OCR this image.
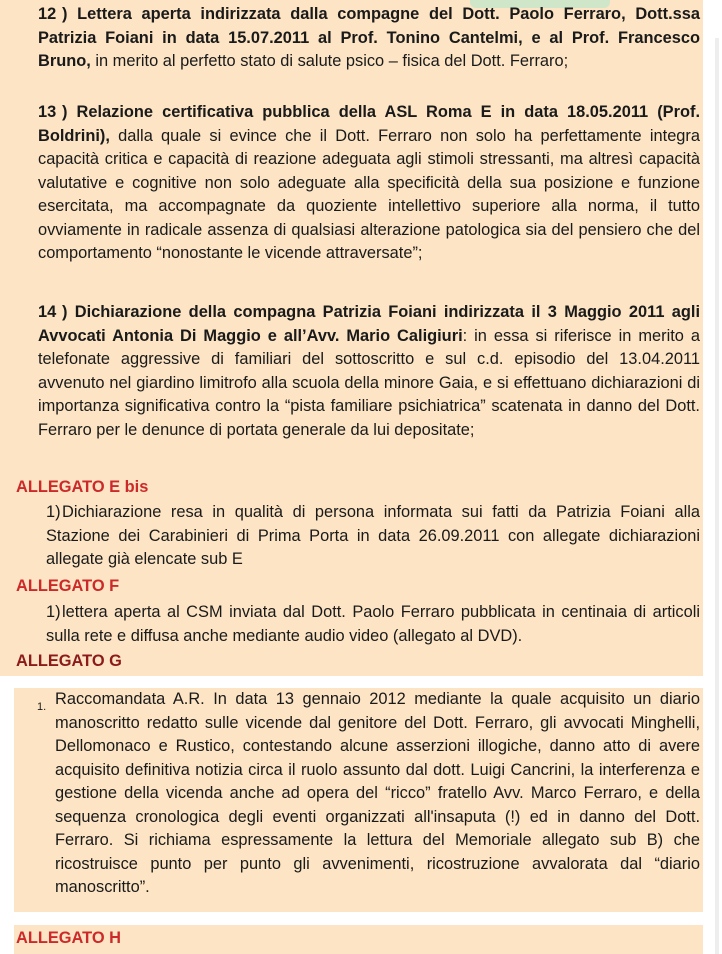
12 ) Lettera aperta indirizzata dalla compagne del Dott. Paolo Ferraro, Dott.ssa Patrizia Foiani in data 15.07.2011 al Prof. Tonino Cantelmi, e al Prof. Francesco Bruno, in merito al perfetto stato di salute psico – fisica del Dott. Ferraro;

13 ) Relazione certificativa pubblica della ASL Roma E in data 18.05.2011 (Prof. Boldrini), dalla quale si evince che il Dott. Ferraro non solo ha perfettamente integra capacità critica e capacità di reazione adeguata agli stimoli stressanti, ma altresì capacità valutative e cognitive non solo adeguate alla specificità della sua posizione e funzione esercitata, ma accompagnate da quoziente intellettivo superiore alla norma, il tutto ovviamente in radicale assenza di qualsiasi alterazione patologica sia del pensiero che del comportamento “nonostante le vicende attraversate”;

14 ) Dichiarazione della compagna Patrizia Foiani indirizzata il 3 Maggio 2011 agli Avvocati Antonia Di Maggio e all’Avv. Mario Caligiuri: in essa si riferisce in merito a telefonate aggressive di familiari del sottoscritto e sul c.d. episodio del 13.04.2011 avvenuto nel giardino limitrofo alla scuola della minore Gaia, e si effettuano dichiarazioni di importanza significativa contro la “pista familiare psichiatrica” scatenata in danno del Dott. Ferraro per le denunce di portata generale da lui depositate;

ALLEGATO E bis
1) Dichiarazione resa in qualità di persona informata sui fatti da Patrizia Foiani alla Stazione dei Carabinieri di Prima Porta in data 26.09.2011 con allegate dichiarazioni allegate già elencate sub E

ALLEGATO F
1) lettera aperta al CSM inviata dal Dott. Paolo Ferraro pubblicata in centinaia di articoli sulla rete e diffusa anche mediante audio video (allegato al DVD).

ALLEGATO G
1. Raccomandata A.R. In data 13 gennaio 2012 mediante la quale acquisito un diario manoscritto redatto sulle vicende dal genitore del Dott. Ferraro, gli avvocati Minghelli, Dellomonaco e Rustico, contestando alcune asserzioni illogiche, danno atto di avere acquisito definitiva notizia circa il ruolo assunto dal dott. Luigi Cancrini, la interferenza e gestione della vicenda anche ad opera del “ricco” fratello Avv. Marco Ferraro, e della sequenza cronologica degli eventi organizzati all'insaputa (!) ed in danno del Dott. Ferraro. Si richiama espressamente la lettura del Memoriale allegato sub B) che ricostruisce punto per punto gli avvenimenti, ricostruzione avvalorata dal “diario manoscritto”.

ALLEGATO H
